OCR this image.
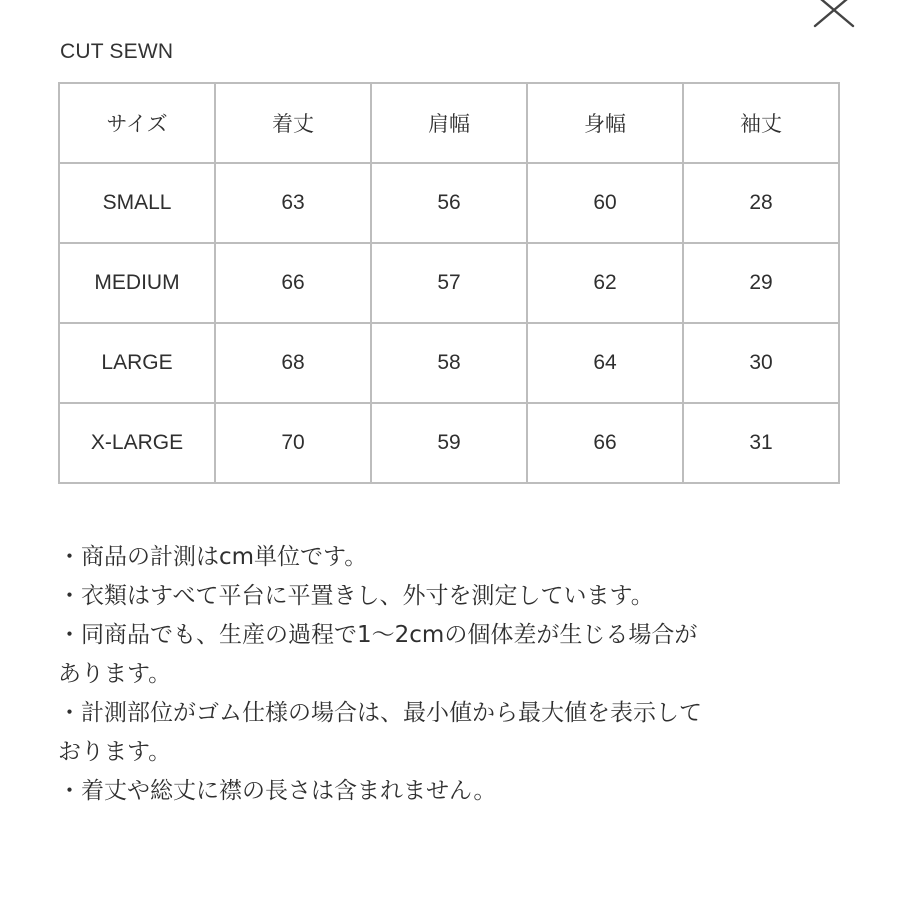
CUT SEWN
サイズ	着丈	肩幅	身幅	袖丈
SMALL	63	56	60	28
MEDIUM	66	57	62	29
LARGE	68	58	64	30
X-LARGE	70	59	66	31

・商品の計測はcm単位です。

・衣類はすべて平台に平置きし、外寸を測定しています。

・同商品でも、生産の過程で1〜2cmの個体差が生じる場合が

あります。

・計測部位がゴム仕様の場合は、最小値から最大値を表示して

おります。

・着丈や総丈に襟の長さは含まれません。
